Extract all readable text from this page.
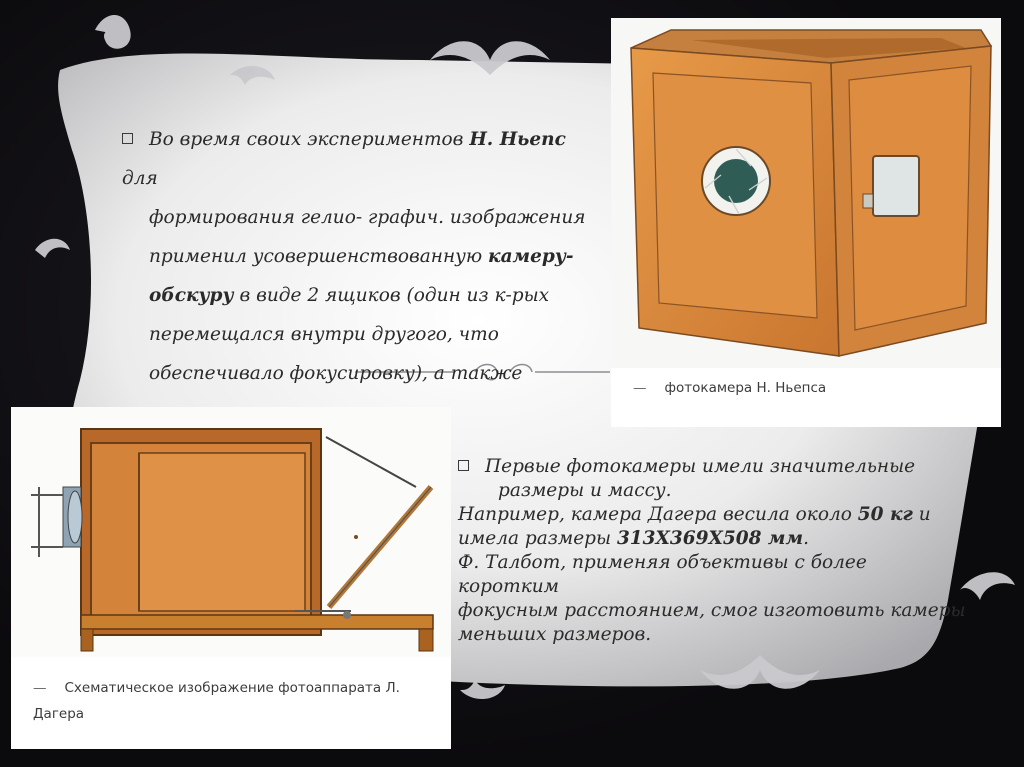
Во время своих экспериментов Н. Ньепс для
формирования гелио- графич. изображения
применил усовершенствованную камеру-
обскуру в виде 2 ящиков (один из к-рых
перемещался внутри другого, что
обеспечивало фокусировку), а также
Первые фотокамеры имели значительные
размеры и массу.
Например, камера Дагера весила около 50 кг и
имела размеры 313Х369Х508 мм.
Ф. Талбот, применяя объективы с более коротким
фокусным расстоянием, смог изготовить камеры
меньших размеров.
— фотокамера Н. Ньепса
— Схематическое изображение фотоаппарата Л. Дагера
